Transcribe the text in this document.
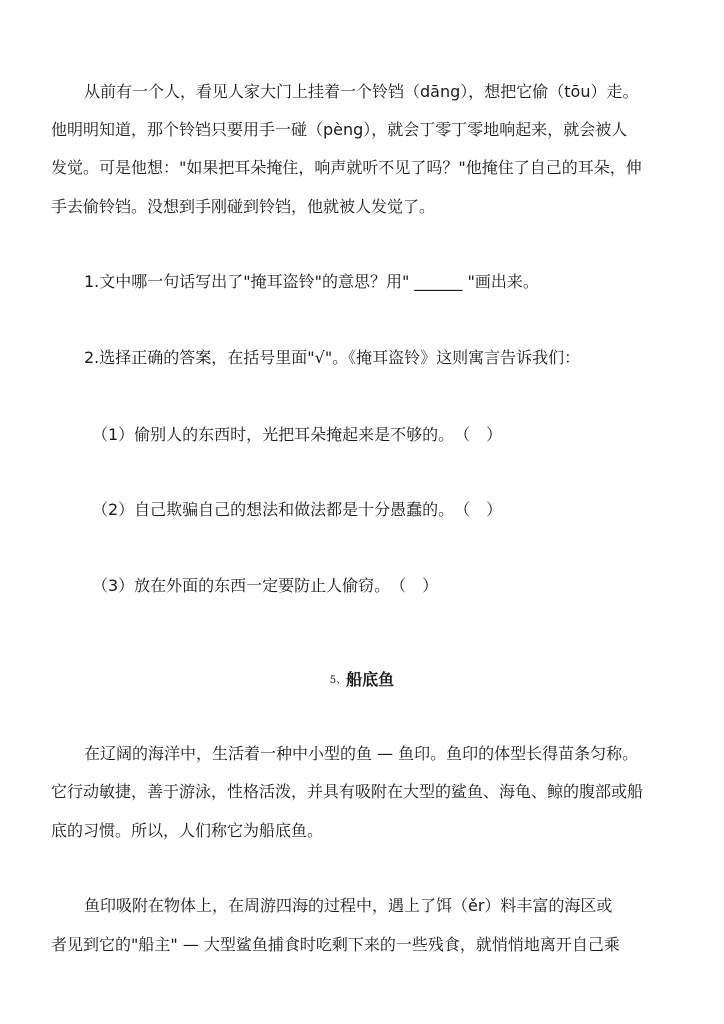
从前有一个人，看见人家大门上挂着一个铃铛（dāng），想把它偷（tōu）走。
他明明知道，那个铃铛只要用手一碰（pèng），就会丁零丁零地响起来，就会被人
发觉。可是他想："如果把耳朵掩住，响声就听不见了吗？"他掩住了自己的耳朵，伸
手去偷铃铛。没想到手刚碰到铃铛，他就被人发觉了。
1.文中哪一句话写出了"掩耳盗铃"的意思？用" ______ "画出来。
2.选择正确的答案，在括号里面"√"。《掩耳盗铃》这则寓言告诉我们：
（1）偷别人的东西时，光把耳朵掩起来是不够的。　（　）
（2）自己欺骗自己的想法和做法都是十分愚蠢的。　（　）
（3）放在外面的东西一定要防止人偷窃。　（　）
5、船底鱼
在辽阔的海洋中，生活着一种中小型的鱼 — 鱼印。鱼印的体型长得苗条匀称。
它行动敏捷，善于游泳，性格活泼，并具有吸附在大型的鲨鱼、海龟、鲸的腹部或船
底的习惯。所以，人们称它为船底鱼。
鱼印吸附在物体上，在周游四海的过程中，遇上了饵（ěr）料丰富的海区或
者见到它的"船主" — 大型鲨鱼捕食时吃剩下来的一些残食，就悄悄地离开自己乘
